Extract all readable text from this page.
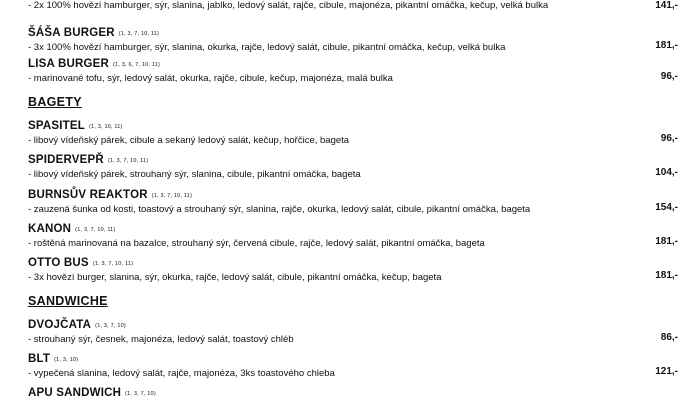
- 2x 100% hovězí hamburger, sýr, slanina, jablko, ledový salát, rajče, cibule, majonéza, pikantní omáčka, kečup, velká bulka	141,-
ŠÁŠA BURGER (1, 3, 7, 10, 11)
- 3x 100% hovězí hamburger, sýr, slanina, okurka, rajče, ledový salát, cibule, pikantní omáčka, kečup, velká bulka	181,-
LISA BURGER (1, 3, 6, 7, 10, 11)
- marinované tofu, sýr, ledový salát, okurka, rajče, cibule, kečup, majonéza, malá bulka	96,-
BAGETY
SPASITEL (1, 3, 10, 11)
- libový vídeňský párek, cibule a sekaný ledový salát, kečup, hořčice, bageta	96,-
SPIDERVEPŘ (1, 3, 7, 10, 11)
- libový vídeňský párek, strouhaný sýr, slanina, cibule, pikantní omáčka, bageta	104,-
BURNSŮV REAKTOR (1, 3, 7, 10, 11)
- zauzená šunka od kosti, toastový a strouhaný sýr, slanina, rajče, okurka, ledový salát, cibule, pikantní omáčka, bageta	154,-
KANON (1, 3, 7, 10, 11)
- roštěná marinovaná na bazalce, strouhaný sýr, červená cibule, rajče, ledový salát, pikantní omáčka, bageta	181,-
OTTO BUS (1, 3, 7, 10, 11)
- 3x hovězí burger, slanina, sýr, okurka, rajče, ledový salát, cibule, pikantní omáčka, kečup, bageta	181,-
SANDWICHE
DVOJČATA (1, 3, 7, 10)
- strouhaný sýr, česnek, majonéza, ledový salát, toastový chléb	86,-
BLT (1, 3, 10)
- vypečená slanina, ledový salát, rajče, majonéza, 3ks toastového chleba	121,-
APU SANDWICH (1, 3, 7, 10)
